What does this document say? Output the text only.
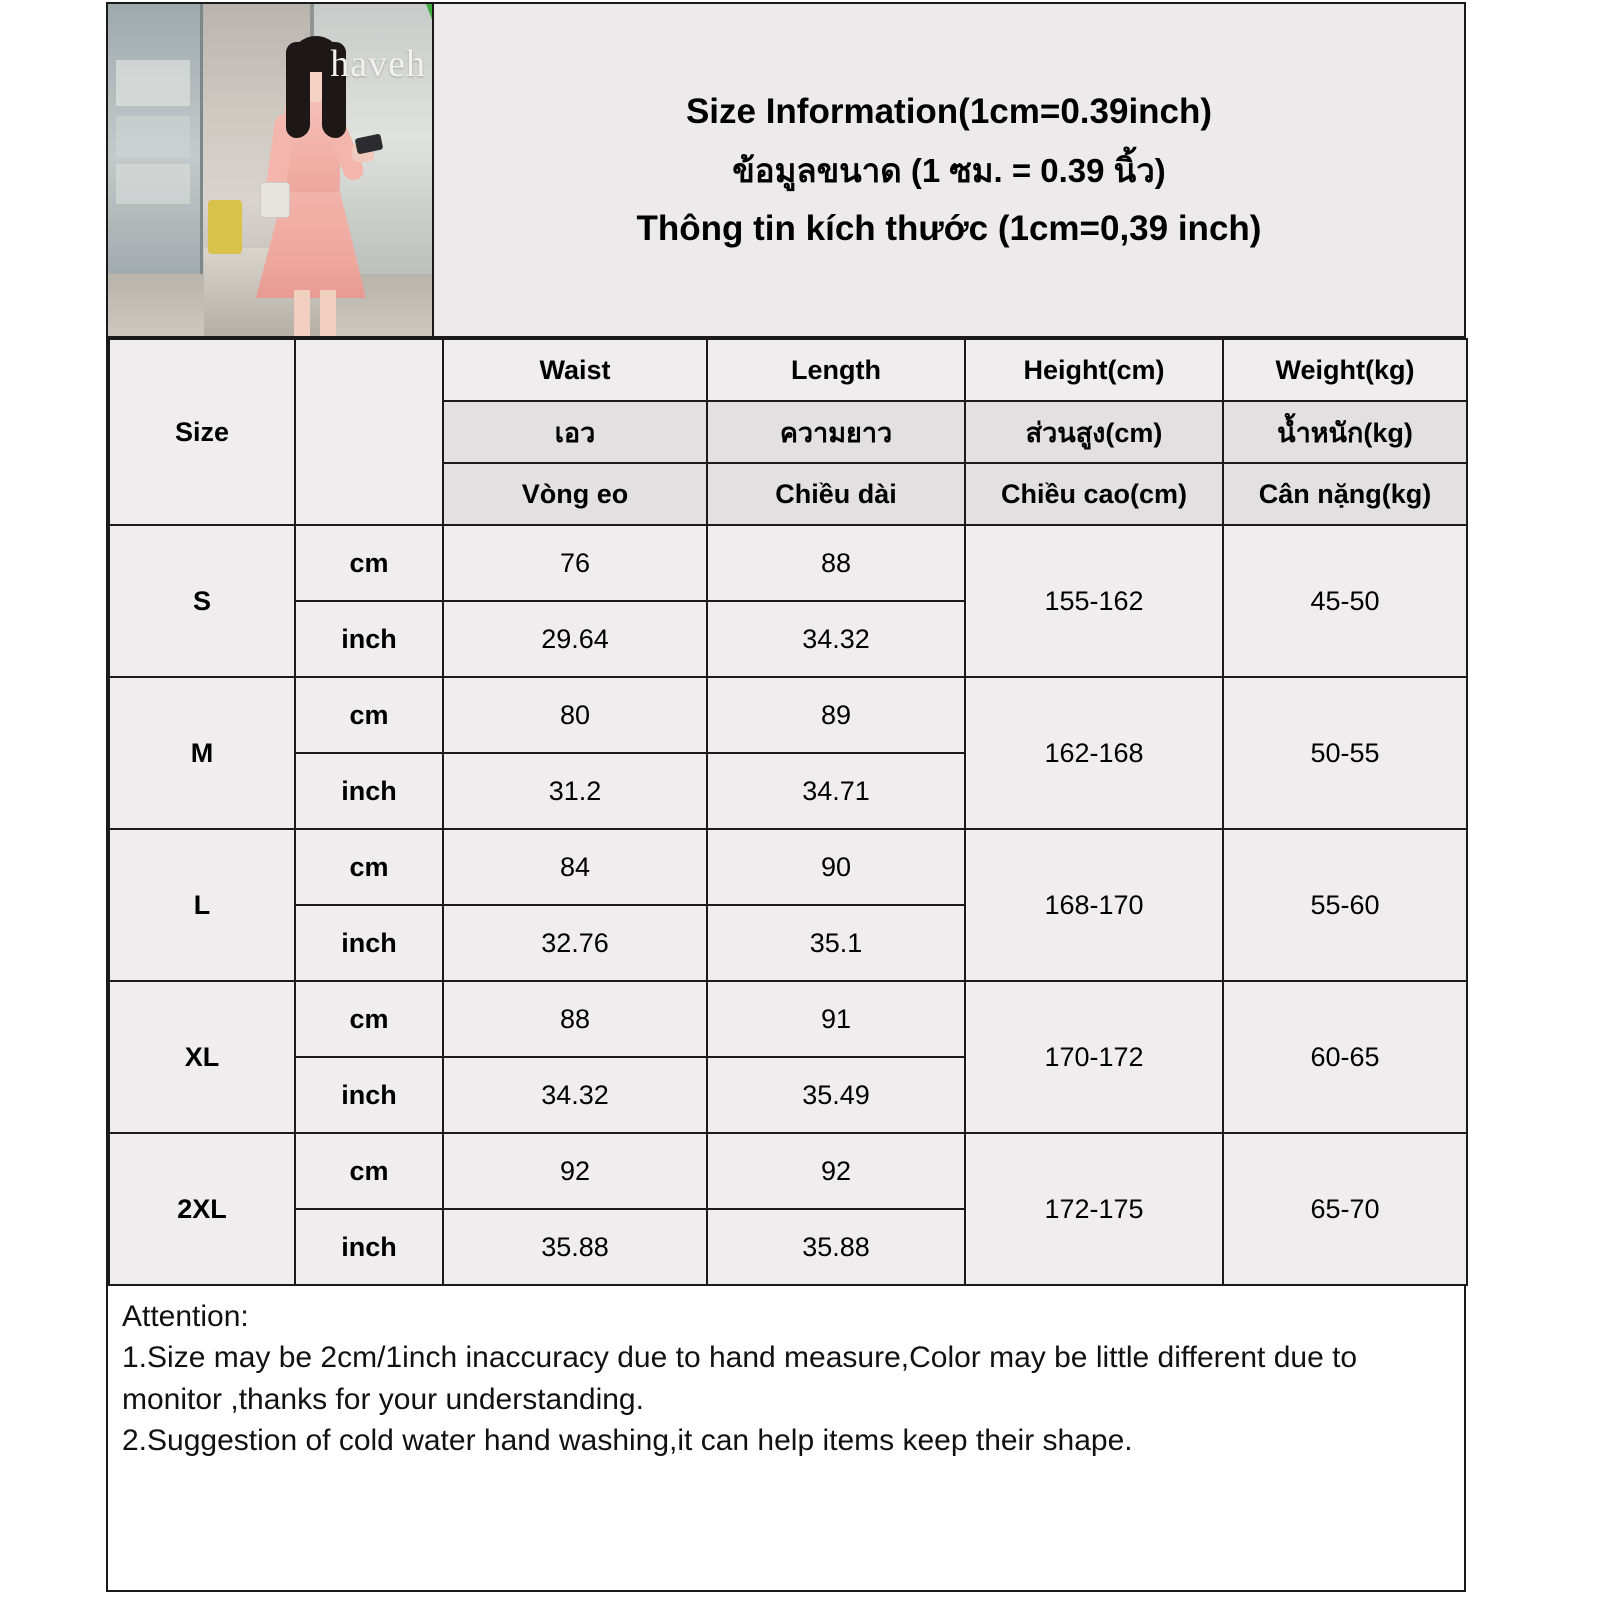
haveh
Size Information(1cm=0.39inch)
ข้อมูลขนาด (1 ซม. = 0.39 นิ้ว)
Thông tin kích thước (1cm=0,39 inch)
Size		Waist	Length	Height(cm)	Weight(kg)
		เอว	ความยาว	ส่วนสูง(cm)	น้ำหนัก(kg)
		Vòng eo	Chiều dài	Chiều cao(cm)	Cân nặng(kg)
S	cm	76	88	155-162	45-50
	inch	29.64	34.32		
M	cm	80	89	162-168	50-55
	inch	31.2	34.71		
L	cm	84	90	168-170	55-60
	inch	32.76	35.1		
XL	cm	88	91	170-172	60-65
	inch	34.32	35.49		
2XL	cm	92	92	172-175	65-70
	inch	35.88	35.88		

Attention:

1.Size may be 2cm/1inch inaccuracy due to hand measure,Color may be little different due to monitor ,thanks for your understanding.

2.Suggestion of cold water hand washing,it can help items keep their shape.
